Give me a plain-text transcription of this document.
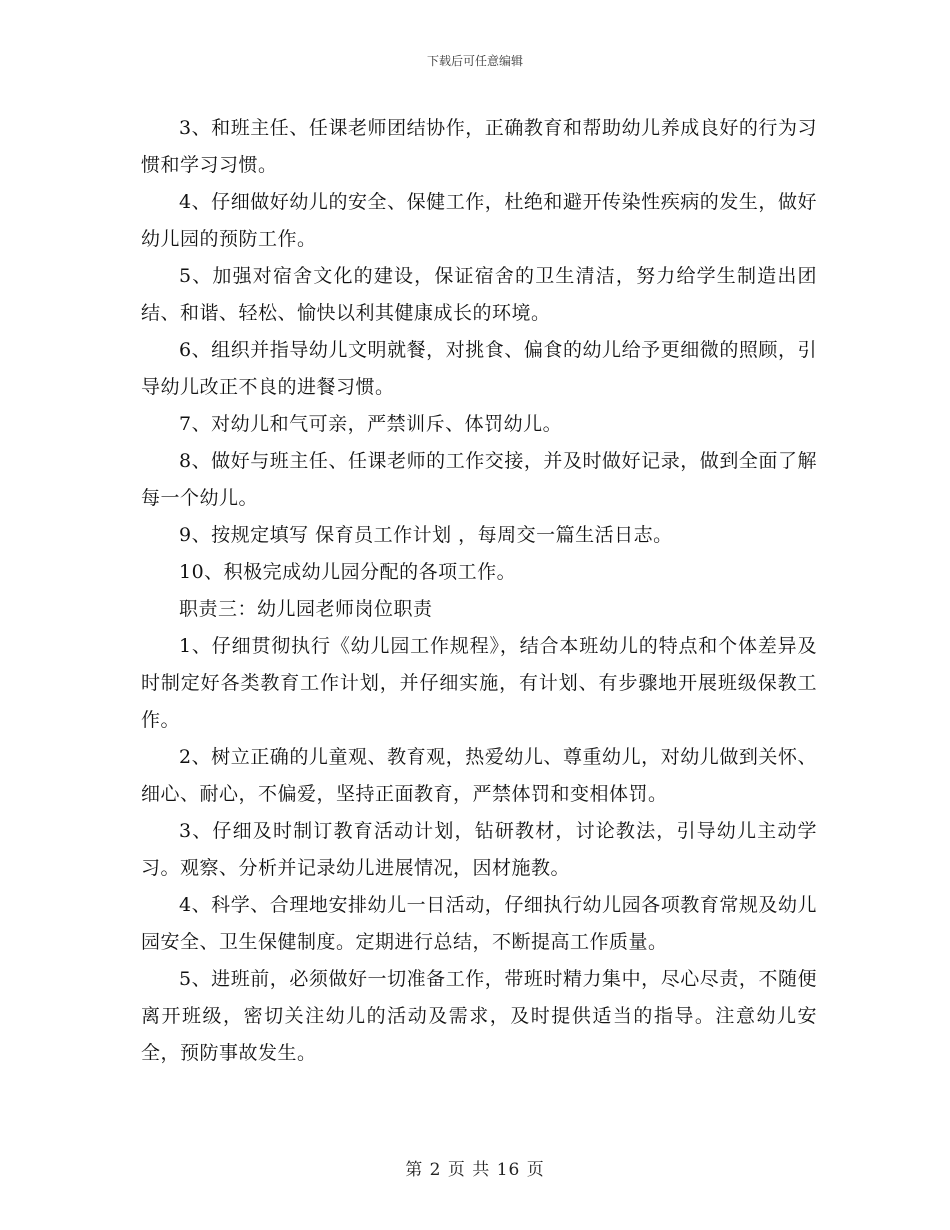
下载后可任意编辑

3、和班主任、任课老师团结协作，正确教育和帮助幼儿养成良好的行为习惯和学习习惯。

4、仔细做好幼儿的安全、保健工作，杜绝和避开传染性疾病的发生，做好幼儿园的预防工作。

5、加强对宿舍文化的建设，保证宿舍的卫生清洁，努力给学生制造出团结、和谐、轻松、愉快以利其健康成长的环境。

6、组织并指导幼儿文明就餐，对挑食、偏食的幼儿给予更细微的照顾，引导幼儿改正不良的进餐习惯。

7、对幼儿和气可亲，严禁训斥、体罚幼儿。

8、做好与班主任、任课老师的工作交接，并及时做好记录，做到全面了解每一个幼儿。

9、按规定填写 保育员工作计划 ，每周交一篇生活日志。

10、积极完成幼儿园分配的各项工作。

职责三：幼儿园老师岗位职责

1、仔细贯彻执行《幼儿园工作规程》，结合本班幼儿的特点和个体差异及时制定好各类教育工作计划，并仔细实施，有计划、有步骤地开展班级保教工作。

2、树立正确的儿童观、教育观，热爱幼儿、尊重幼儿，对幼儿做到关怀、细心、耐心，不偏爱，坚持正面教育，严禁体罚和变相体罚。

3、仔细及时制订教育活动计划，钻研教材，讨论教法，引导幼儿主动学习。观察、分析并记录幼儿进展情况，因材施教。

4、科学、合理地安排幼儿一日活动，仔细执行幼儿园各项教育常规及幼儿园安全、卫生保健制度。定期进行总结，不断提高工作质量。

5、进班前，必须做好一切准备工作，带班时精力集中，尽心尽责，不随便离开班级，密切关注幼儿的活动及需求，及时提供适当的指导。注意幼儿安全，预防事故发生。

第 2 页 共 16 页
